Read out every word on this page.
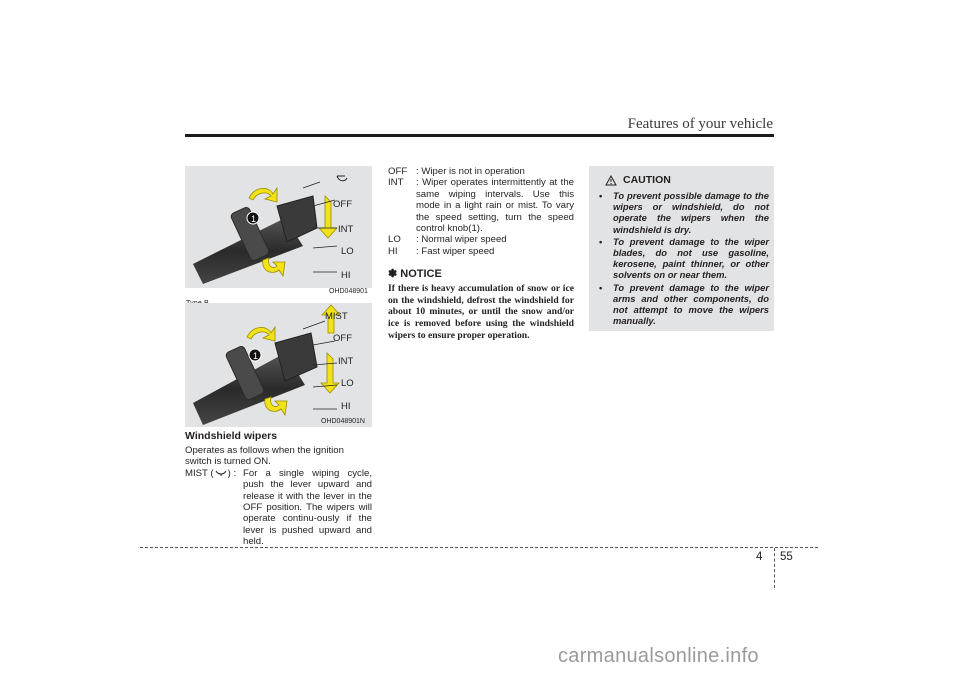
Features of your vehicle
1
OFF
INT
LO
HI
OHD048901
1
MIST
OFF
INT
LO
HI
OHD048901N
Windshield wipers

Operates as follows when the ignition switch is turned ON.

MIST ( ) : For a single wiping cycle, push the lever upward and release it with the lever in the OFF position. The wipers will operate continu-ously if the lever is pushed upward and held.
OFF : Wiper is not in operation
INT	: Wiper operates intermittently at the same wiping intervals. Use this mode in a light rain or mist. To vary the speed setting, turn the speed control knob(1).
LO	: Normal wiper speed
HI	: Fast wiper speed
✽ NOTICE

If there is heavy accumulation of snow or ice on the windshield, defrost the windshield for about 10 minutes, or until the snow and/or ice is removed before using the windshield wipers to ensure proper operation.

CAUTION
• To prevent possible damage to the wipers or windshield, do not operate the wipers when the windshield is dry.
• To prevent damage to the wiper blades, do not use gasoline, kerosene, paint thinner, or other solvents on or near them.
• To prevent damage to the wiper arms and other components, do not attempt to move the wipers manually.
4 55
carmanualsonline.info
